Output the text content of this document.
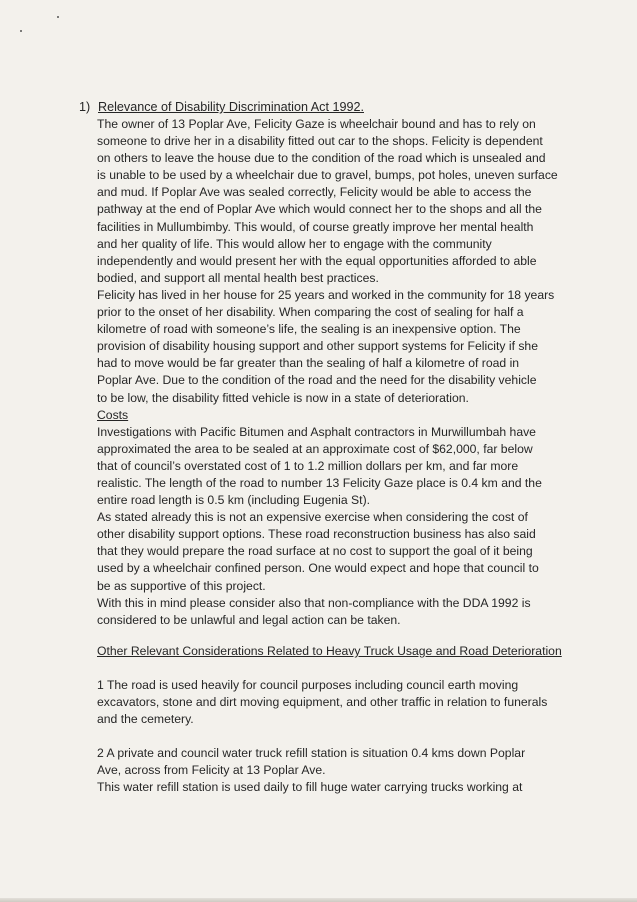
1) Relevance of Disability Discrimination Act 1992.
The owner of 13 Poplar Ave, Felicity Gaze is wheelchair bound and has to rely on
someone to drive her in a disability fitted out car to the shops. Felicity is dependent
on others to leave the house due to the condition of the road which is unsealed and
is unable to be used by a wheelchair due to gravel, bumps, pot holes, uneven surface
and mud. If Poplar Ave was sealed correctly, Felicity would be able to access the
pathway at the end of Poplar Ave which would connect her to the shops and all the
facilities in Mullumbimby. This would, of course greatly improve her mental health
and her quality of life. This would allow her to engage with the community
independently and would present her with the equal opportunities afforded to able
bodied, and support all mental health best practices.
Felicity has lived in her house for 25 years and worked in the community for 18 years
prior to the onset of her disability. When comparing the cost of sealing for half a
kilometre of road with someone’s life, the sealing is an inexpensive option. The
provision of disability housing support and other support systems for Felicity if she
had to move would be far greater than the sealing of half a kilometre of road in
Poplar Ave. Due to the condition of the road and the need for the disability vehicle
to be low, the disability fitted vehicle is now in a state of deterioration.
Costs
Investigations with Pacific Bitumen and Asphalt contractors in Murwillumbah have
approximated the area to be sealed at an approximate cost of $62,000, far below
that of council’s overstated cost of 1 to 1.2 million dollars per km, and far more
realistic. The length of the road to number 13 Felicity Gaze place is 0.4 km and the
entire road length is 0.5 km (including Eugenia St).
As stated already this is not an expensive exercise when considering the cost of
other disability support options. These road reconstruction business has also said
that they would prepare the road surface at no cost to support the goal of it being
used by a wheelchair confined person. One would expect and hope that council to
be as supportive of this project.
With this in mind please consider also that non-compliance with the DDA 1992 is
considered to be unlawful and legal action can be taken.
Other Relevant Considerations Related to Heavy Truck Usage and Road Deterioration
1 The road is used heavily for council purposes including council earth moving
excavators, stone and dirt moving equipment, and other traffic in relation to funerals
and the cemetery.
2 A private and council water truck refill station is situation 0.4 kms down Poplar
Ave, across from Felicity at 13 Poplar Ave.
This water refill station is used daily to fill huge water carrying trucks working at
